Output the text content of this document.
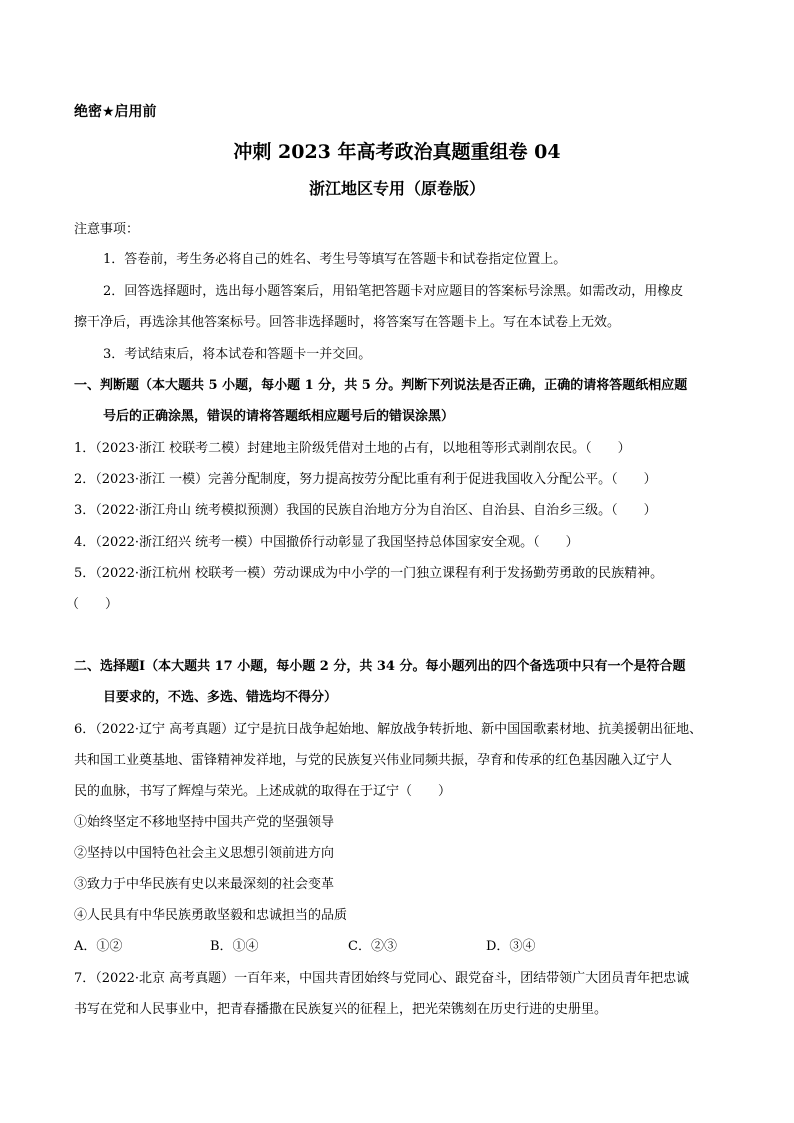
绝密★启用前
冲刺 2023 年高考政治真题重组卷 04
浙江地区专用（原卷版）
注意事项：
1．答卷前，考生务必将自己的姓名、考生号等填写在答题卡和试卷指定位置上。
2．回答选择题时，选出每小题答案后，用铅笔把答题卡对应题目的答案标号涂黑。如需改动，用橡皮
擦干净后，再选涂其他答案标号。回答非选择题时，将答案写在答题卡上。写在本试卷上无效。
3．考试结束后，将本试卷和答题卡一并交回。
一、判断题（本大题共 5 小题，每小题 1 分，共 5 分。判断下列说法是否正确，正确的请将答题纸相应题
号后的正确涂黑，错误的请将答题纸相应题号后的错误涂黑）
1．（2023·浙江 校联考二模）封建地主阶级凭借对土地的占有，以地租等形式剥削农民。（　　）
2．（2023·浙江 一模）完善分配制度，努力提高按劳分配比重有利于促进我国收入分配公平。（　　）
3．（2022·浙江舟山 统考模拟预测）我国的民族自治地方分为自治区、自治县、自治乡三级。（　　）
4．（2022·浙江绍兴 统考一模）中国撤侨行动彰显了我国坚持总体国家安全观。（　　）
5．（2022·浙江杭州 校联考一模）劳动课成为中小学的一门独立课程有利于发扬勤劳勇敢的民族精神。
（　　）
二、选择题Ⅰ（本大题共 17 小题，每小题 2 分，共 34 分。每小题列出的四个备选项中只有一个是符合题
目要求的，不选、多选、错选均不得分）
6．（2022·辽宁 高考真题）辽宁是抗日战争起始地、解放战争转折地、新中国国歌素材地、抗美援朝出征地、
共和国工业奠基地、雷锋精神发祥地，与党的民族复兴伟业同频共振，孕育和传承的红色基因融入辽宁人
民的血脉，书写了辉煌与荣光。上述成就的取得在于辽宁（　　）
①始终坚定不移地坚持中国共产党的坚强领导
②坚持以中国特色社会主义思想引领前进方向
③致力于中华民族有史以来最深刻的社会变革
④人民具有中华民族勇敢坚毅和忠诚担当的品质
A．①②	B．①④	C．②③	D．③④
7．（2022·北京 高考真题）一百年来，中国共青团始终与党同心、跟党奋斗，团结带领广大团员青年把忠诚
书写在党和人民事业中，把青春播撒在民族复兴的征程上，把光荣镌刻在历史行进的史册里。
